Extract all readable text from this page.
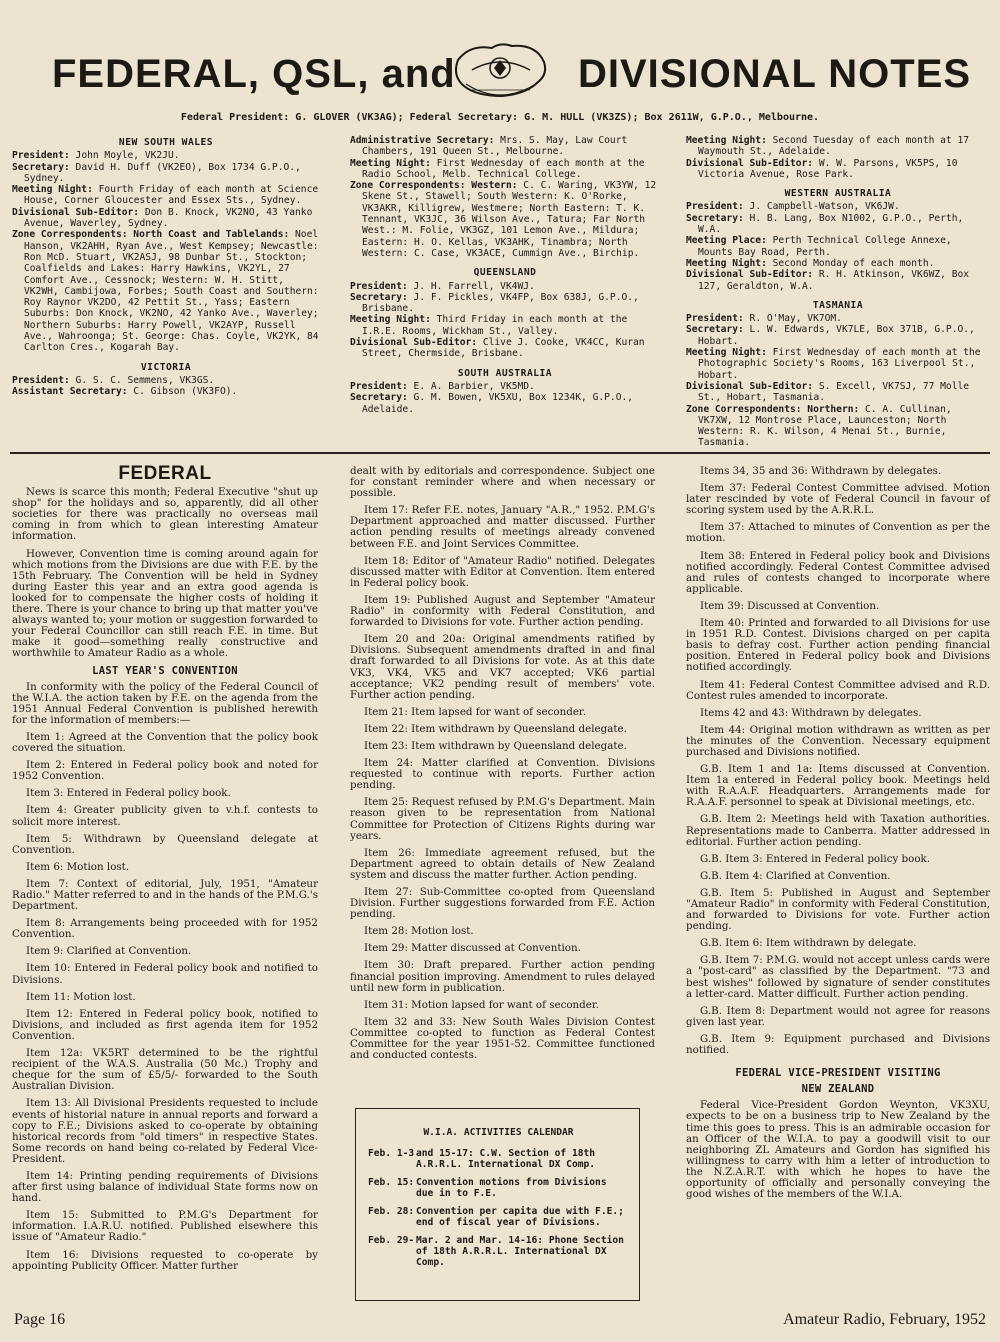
FEDERAL, QSL, and	DIVISIONAL NOTES
Federal President: G. GLOVER (VK3AG); Federal Secretary: G. M. HULL (VK3ZS); Box 2611W, G.P.O., Melbourne.
NEW SOUTH WALES

President: John Moyle, VK2JU.

Secretary: David H. Duff (VK2EO), Box 1734 G.P.O., Sydney.

Meeting Night: Fourth Friday of each month at Science House, Corner Gloucester and Essex Sts., Sydney.

Divisional Sub-Editor: Don B. Knock, VK2NO, 43 Yanko Avenue, Waverley, Sydney.

Zone Correspondents: North Coast and Tablelands: Noel Hanson, VK2AHH, Ryan Ave., West Kempsey; Newcastle: Ron McD. Stuart, VK2ASJ, 98 Dunbar St., Stockton; Coalfields and Lakes: Harry Hawkins, VK2YL, 27 Comfort Ave., Cessnock; Western: W. H. Stitt, VK2WH, Cambijowa, Forbes; South Coast and Southern: Roy Raynor VK2DO, 42 Pettit St., Yass; Eastern Suburbs: Don Knock, VK2NO, 42 Yanko Ave., Waverley; Northern Suburbs: Harry Powell, VK2AYP, Russell Ave., Wahroonga; St. George: Chas. Coyle, VK2YK, 84 Carlton Cres., Kogarah Bay.

VICTORIA

President: G. S. C. Semmens, VK3GS.

Assistant Secretary: C. Gibson (VK3FO).

Administrative Secretary: Mrs. S. May, Law Court Chambers, 191 Queen St., Melbourne.

Meeting Night: First Wednesday of each month at the Radio School, Melb. Technical College.

Zone Correspondents: Western: C. C. Waring, VK3YW, 12 Skene St., Stawell; South Western: K. O'Rorke, VK3AKR, Killigrew, Westmere; North Eastern: T. K. Tennant, VK3JC, 36 Wilson Ave., Tatura; Far North West.: M. Folie, VK3GZ, 101 Lemon Ave., Mildura; Eastern: H. O. Kellas, VK3AHK, Tinambra; North Western: C. Case, VK3ACE, Cummign Ave., Birchip.

QUEENSLAND

President: J. H. Farrell, VK4WJ.

Secretary: J. F. Pickles, VK4FP, Box 638J, G.P.O., Brisbane.

Meeting Night: Third Friday in each month at the I.R.E. Rooms, Wickham St., Valley.

Divisional Sub-Editor: Clive J. Cooke, VK4CC, Kuran Street, Chermside, Brisbane.

SOUTH AUSTRALIA

President: E. A. Barbier, VK5MD.

Secretary: G. M. Bowen, VK5XU, Box 1234K, G.P.O., Adelaide.

Meeting Night: Second Tuesday of each month at 17 Waymouth St., Adelaide.

Divisional Sub-Editor: W. W. Parsons, VK5PS, 10 Victoria Avenue, Rose Park.

WESTERN AUSTRALIA

President: J. Campbell-Watson, VK6JW.

Secretary: H. B. Lang, Box N1002, G.P.O., Perth, W.A.

Meeting Place: Perth Technical College Annexe, Mounts Bay Road, Perth.

Meeting Night: Second Monday of each month.

Divisional Sub-Editor: R. H. Atkinson, VK6WZ, Box 127, Geraldton, W.A.

TASMANIA

President: R. O'May, VK7OM.

Secretary: L. W. Edwards, VK7LE, Box 371B, G.P.O., Hobart.

Meeting Night: First Wednesday of each month at the Photographic Society's Rooms, 163 Liverpool St., Hobart.

Divisional Sub-Editor: S. Excell, VK7SJ, 77 Molle St., Hobart, Tasmania.

Zone Correspondents: Northern: C. A. Cullinan, VK7XW, 12 Montrose Place, Launceston; North Western: R. K. Wilson, 4 Menai St., Burnie, Tasmania.

FEDERAL

News is scarce this month; Federal Executive "shut up shop" for the holidays and so, apparently, did all other societies for there was practically no overseas mail coming in from which to glean interesting Amateur information.

However, Convention time is coming around again for which motions from the Divisions are due with F.E. by the 15th February. The Convention will be held in Sydney during Easter this year and an extra good agenda is looked for to compensate the higher costs of holding it there. There is your chance to bring up that matter you've always wanted to; your motion or suggestion forwarded to your Federal Councillor can still reach F.E. in time. But make it good—something really constructive and worthwhile to Amateur Radio as a whole.

LAST YEAR'S CONVENTION

In conformity with the policy of the Federal Council of the W.I.A. the action taken by F.E. on the agenda from the 1951 Annual Federal Convention is published herewith for the information of members:—

Item 1: Agreed at the Convention that the policy book covered the situation.

Item 2: Entered in Federal policy book and noted for 1952 Convention.

Item 3: Entered in Federal policy book.

Item 4: Greater publicity given to v.h.f. contests to solicit more interest.

Item 5: Withdrawn by Queensland delegate at Convention.

Item 6: Motion lost.

Item 7: Context of editorial, July, 1951, "Amateur Radio." Matter referred to and in the hands of the P.M.G.'s Department.

Item 8: Arrangements being proceeded with for 1952 Convention.

Item 9: Clarified at Convention.

Item 10: Entered in Federal policy book and notified to Divisions.

Item 11: Motion lost.

Item 12: Entered in Federal policy book, notified to Divisions, and included as first agenda item for 1952 Convention.

Item 12a: VK5RT determined to be the rightful recipient of the W.A.S. Australia (50 Mc.) Trophy and cheque for the sum of £5/5/- forwarded to the South Australian Division.

Item 13: All Divisional Presidents requested to include events of historial nature in annual reports and forward a copy to F.E.; Divisions asked to co-operate by obtaining historical records from "old timers" in respective States. Some records on hand being co-related by Federal Vice-President.

Item 14: Printing pending requirements of Divisions after first using balance of individual State forms now on hand.

Item 15: Submitted to P.M.G's Department for information. I.A.R.U. notified. Published elsewhere this issue of "Amateur Radio."

Item 16: Divisions requested to co-operate by appointing Publicity Officer. Matter further

dealt with by editorials and correspondence. Subject one for constant reminder where and when necessary or possible.

Item 17: Refer F.E. notes, January "A.R.," 1952. P.M.G's Department approached and matter discussed. Further action pending results of meetings already convened between F.E. and Joint Services Committee.

Item 18: Editor of "Amateur Radio" notified. Delegates discussed matter with Editor at Convention. Item entered in Federal policy book.

Item 19: Published August and September "Amateur Radio" in conformity with Federal Constitution, and forwarded to Divisions for vote. Further action pending.

Item 20 and 20a: Original amendments ratified by Divisions. Subsequent amendments drafted in and final draft forwarded to all Divisions for vote. As at this date VK3, VK4, VK5 and VK7 accepted; VK6 partial acceptance; VK2 pending result of members' vote. Further action pending.

Item 21: Item lapsed for want of seconder.

Item 22: Item withdrawn by Queensland delegate.

Item 23: Item withdrawn by Queensland delegate.

Item 24: Matter clarified at Convention. Divisions requested to continue with reports. Further action pending.

Item 25: Request refused by P.M.G's Department. Main reason given to be representation from National Committee for Protection of Citizens Rights during war years.

Item 26: Immediate agreement refused, but the Department agreed to obtain details of New Zealand system and discuss the matter further. Action pending.

Item 27: Sub-Committee co-opted from Queensland Division. Further suggestions forwarded from F.E. Action pending.

Item 28: Motion lost.

Item 29: Matter discussed at Convention.

Item 30: Draft prepared. Further action pending financial position improving. Amendment to rules delayed until new form in publication.

Item 31: Motion lapsed for want of seconder.

Item 32 and 33: New South Wales Division Contest Committee co-opted to function as Federal Contest Committee for the year 1951-52. Committee functioned and conducted contests.

Items 34, 35 and 36: Withdrawn by delegates.

Item 37: Federal Contest Committee advised. Motion later rescinded by vote of Federal Council in favour of scoring system used by the A.R.R.L.

Item 37: Attached to minutes of Convention as per the motion.

Item 38: Entered in Federal policy book and Divisions notified accordingly. Federal Contest Committee advised and rules of contests changed to incorporate where applicable.

Item 39: Discussed at Convention.

Item 40: Printed and forwarded to all Divisions for use in 1951 R.D. Contest. Divisions charged on per capita basis to defray cost. Further action pending financial position. Entered in Federal policy book and Divisions notified accordingly.

Item 41: Federal Contest Committee advised and R.D. Contest rules amended to incorporate.

Items 42 and 43: Withdrawn by delegates.

Item 44: Original motion withdrawn as written as per the minutes of the Convention. Necessary equipment purchased and Divisions notified.

G.B. Item 1 and 1a: Items discussed at Convention. Item 1a entered in Federal policy book. Meetings held with R.A.A.F. Headquarters. Arrangements made for R.A.A.F. personnel to speak at Divisional meetings, etc.

G.B. Item 2: Meetings held with Taxation authorities. Representations made to Canberra. Matter addressed in editorial. Further action pending.

G.B. Item 3: Entered in Federal policy book.

G.B. Item 4: Clarified at Convention.

G.B. Item 5: Published in August and September "Amateur Radio" in conformity with Federal Constitution, and forwarded to Divisions for vote. Further action pending.

G.B. Item 6: Item withdrawn by delegate.

G.B. Item 7: P.M.G. would not accept unless cards were a "post-card" as classified by the Department. "73 and best wishes" followed by signature of sender constitutes a letter-card. Matter difficult. Further action pending.

G.B. Item 8: Department would not agree for reasons given last year.

G.B. Item 9: Equipment purchased and Divisions notified.

FEDERAL VICE-PRESIDENT VISITING
NEW ZEALAND

Federal Vice-President Gordon Weynton, VK3XU, expects to be on a business trip to New Zealand by the time this goes to press. This is an admirable occasion for an Officer of the W.I.A. to pay a goodwill visit to our neighboring ZL Amateurs and Gordon has signified his willingness to carry with him a letter of introduction to the N.Z.A.R.T. with which he hopes to have the opportunity of officially and personally conveying the good wishes of the members of the W.I.A.

W.I.A. ACTIVITIES CALENDAR
Feb. 1-3 and 15-17: C.W. Section of 18th A.R.R.L. International DX Comp.
Feb. 15: Convention motions from Divisions due in to F.E.
Feb. 28: Convention per capita due with F.E.; end of fiscal year of Divisions.
Feb. 29- Mar. 2 and Mar. 14-16: Phone Section of 18th A.R.R.L. International DX Comp.
Page 16	Amateur Radio, February, 1952
